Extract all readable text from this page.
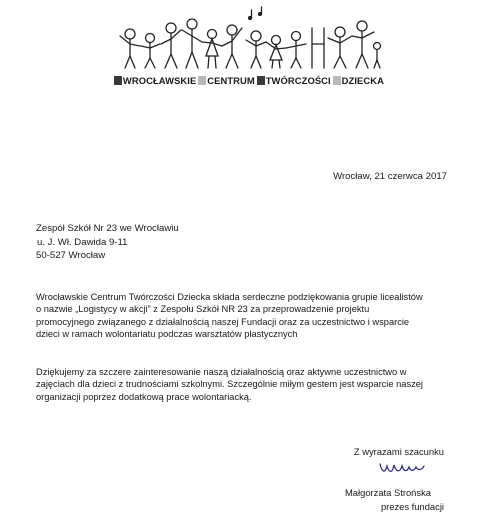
WROCŁAWSKIE CENTRUM TWÓRCZOŚCI DZIECKA
Wrocław, 21 czerwca 2017
Zespół Szkół Nr 23 we Wrocławiu
u. J. Wł. Dawida 9-11
50-527 Wrocław
Wrocławskie Centrum Twórczości Dziecka składa serdeczne podziękowania grupie licealistów
o nazwie „Logistycy w akcji” z Zespołu Szkół NR 23 za przeprowadzenie projektu
promocyjnego związanego z działalnością naszej Fundacji oraz za uczestnictwo i wsparcie
dzieci w ramach wolontariatu podczas warsztatów plastycznych
Dziękujemy za szczere zainteresowanie naszą działalnością oraz aktywne uczestnictwo w
zajęciach dla dzieci z trudnościami szkolnymi. Szczególnie miłym gestem jest wsparcie naszej
organizacji poprzez dodatkową prace wolontariacką.
Z wyrazami szacunku
Małgorzata Strońska
prezes fundacji
